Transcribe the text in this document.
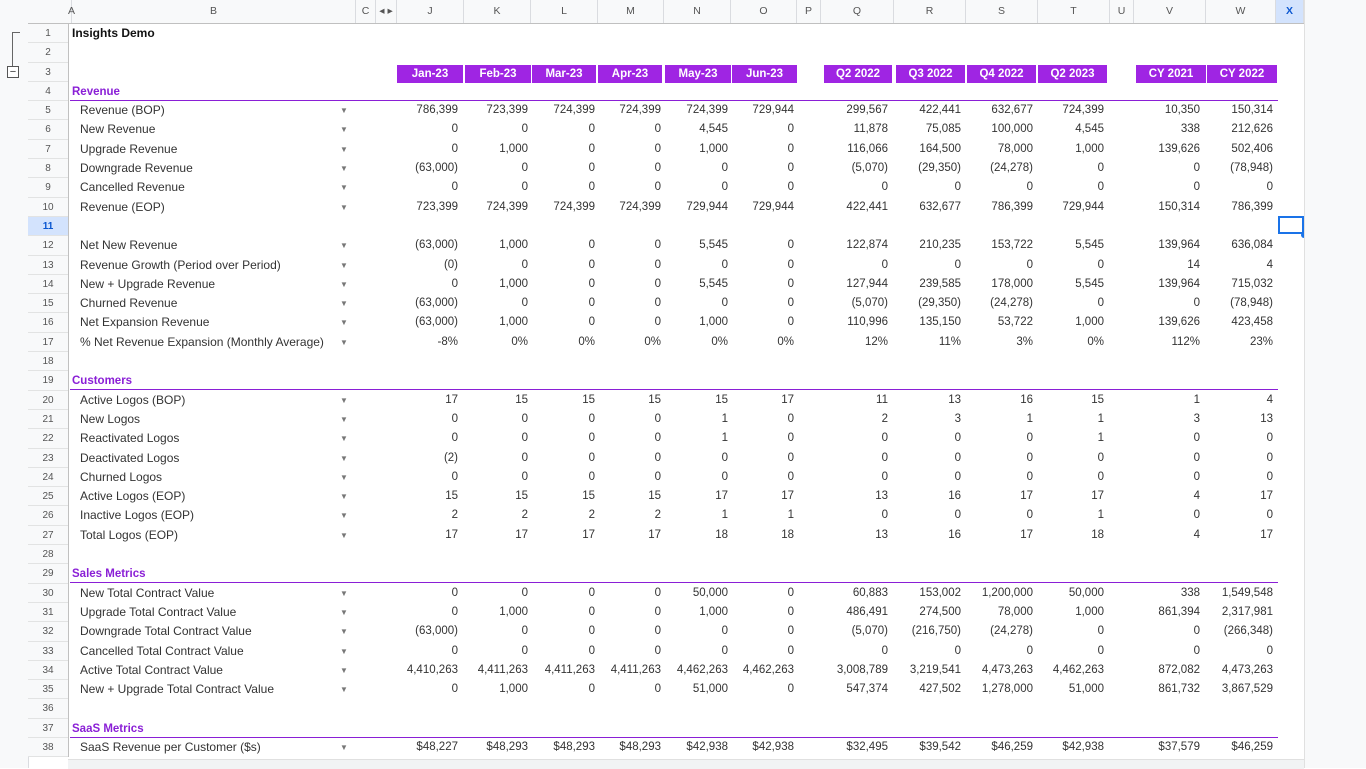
−
A	B	C ◂ ▸	J	K	L	M	N	O	P	Q	R	S	T	U	V	W	X
1
2
3
4
5
6
7
8
9
10
11
12
13
14
15
16
17
18
19
20
21
22
23
24
25
26
27
28
29
30
31
32
33
34
35
36
37
38
Insights Demo
Jan-23	Feb-23	Mar-23	Apr-23	May-23	Jun-23	Q2 2022	Q3 2022	Q4 2022	Q2 2023	CY 2021	CY 2022
Revenue
Revenue (BOP)	▼	786,399	723,399	724,399	724,399	724,399	729,944	299,567	422,441	632,677	724,399	10,350	150,314
New Revenue	▼	0	0	0	0	4,545	0	11,878	75,085	100,000	4,545	338	212,626
Upgrade Revenue	▼	0	1,000	0	0	1,000	0	116,066	164,500	78,000	1,000	139,626	502,406
Downgrade Revenue	▼	(63,000)	0	0	0	0	0	(5,070)	(29,350)	(24,278)	0	0	(78,948)
Cancelled Revenue	▼	0	0	0	0	0	0	0	0	0	0	0	0
Revenue (EOP)	▼	723,399	724,399	724,399	724,399	729,944	729,944	422,441	632,677	786,399	729,944	150,314	786,399
Net New Revenue	▼	(63,000)	1,000	0	0	5,545	0	122,874	210,235	153,722	5,545	139,964	636,084
Revenue Growth (Period over Period)	▼	(0)	0	0	0	0	0	0	0	0	0	14	4
New + Upgrade Revenue	▼	0	1,000	0	0	5,545	0	127,944	239,585	178,000	5,545	139,964	715,032
Churned Revenue	▼	(63,000)	0	0	0	0	0	(5,070)	(29,350)	(24,278)	0	0	(78,948)
Net Expansion Revenue	▼	(63,000)	1,000	0	0	1,000	0	110,996	135,150	53,722	1,000	139,626	423,458
% Net Revenue Expansion (Monthly Average) ▼	-8%	0%	0%	0%	0%	0%	12%	11%	3%	0%	112%	23%
Customers
Active Logos (BOP)	▼	17	15	15	15	15	17	11	13	16	15	1	4
New Logos	▼	0	0	0	0	1	0	2	3	1	1	3	13
Reactivated Logos	▼	0	0	0	0	1	0	0	0	0	1	0	0
Deactivated Logos	▼	(2)	0	0	0	0	0	0	0	0	0	0	0
Churned Logos	▼	0	0	0	0	0	0	0	0	0	0	0	0
Active Logos (EOP)	▼	15	15	15	15	17	17	13	16	17	17	4	17
Inactive Logos (EOP)	▼	2	2	2	2	1	1	0	0	0	1	0	0
Total Logos (EOP)	▼	17	17	17	17	18	18	13	16	17	18	4	17
Sales Metrics
New Total Contract Value	▼	0	0	0	0	50,000	0	60,883	153,002	1,200,000	50,000	338	1,549,548
Upgrade Total Contract Value	▼	0	1,000	0	0	1,000	0	486,491	274,500	78,000	1,000	861,394	2,317,981
Downgrade Total Contract Value	▼	(63,000)	0	0	0	0	0	(5,070)	(216,750)	(24,278)	0	0	(266,348)
Cancelled Total Contract Value	▼	0	0	0	0	0	0	0	0	0	0	0	0
Active Total Contract Value	▼	4,410,263	4,411,263	4,411,263	4,411,263	4,462,263	4,462,263	3,008,789	3,219,541	4,473,263	4,462,263	872,082	4,473,263
New + Upgrade Total Contract Value	▼	0	1,000	0	0	51,000	0	547,374	427,502	1,278,000	51,000	861,732	3,867,529
SaaS Metrics
SaaS Revenue per Customer ($s)	▼	$48,227	$48,293	$48,293	$48,293	$42,938	$42,938	$32,495	$39,542	$46,259	$42,938	$37,579	$46,259
